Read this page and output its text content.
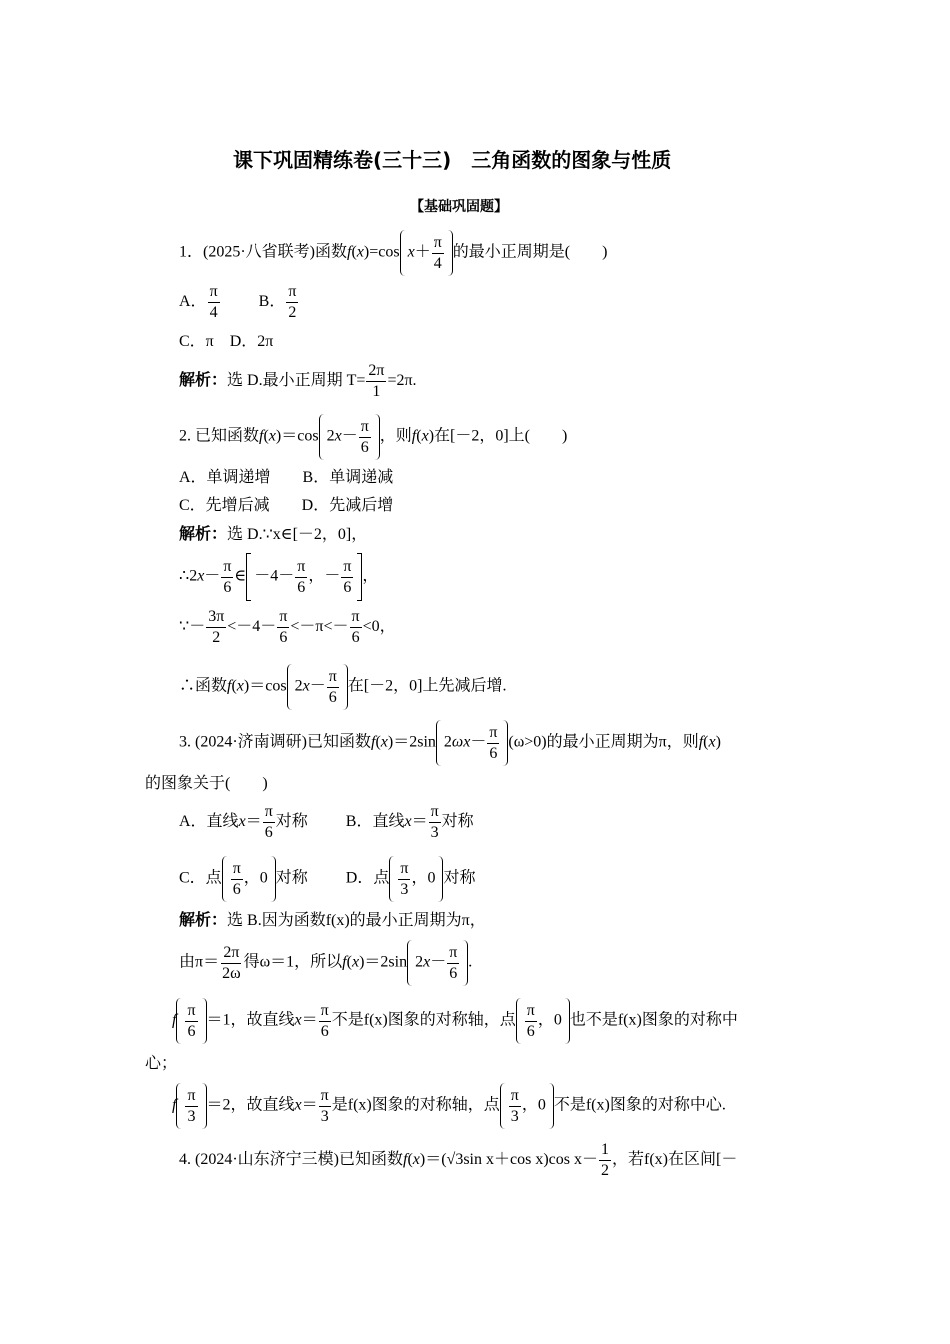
课下巩固精练卷(三十三)　三角函数的图象与性质
【基础巩固题】
1．(2025·八省联考)函数f(x)=cos $x+ \frac{\pi}{4}$ 的最小正周期是(　　)
A． $\frac{\pi}{4}$ B． $\frac{\pi}{2}$
C．π　D．2π
解析：选 D.最小正周期 $T= \frac{2\pi}{1} =2\pi$.
2. 已知函数f(x)＝cos $2x- \frac{\pi}{6}$ ，则f(x)在[－2，0]上(　　)
A．单调递增　　B．单调递减
C．先增后减　　D．先减后增
解析：选 D.∵x∈[－2，0]，
∴2x－ $\frac{\pi}{6}$ ∈ $-4- \frac{\pi}{6}$ ，－ $\frac{\pi}{6}$ ，
∵－ $\frac{3\pi}{2} <-4- \frac{\pi}{6} <-\pi<- \frac{\pi}{6} <0$，
∴函数f(x)＝cos $2x- \frac{\pi}{6}$ 在[－2，0]上先减后增.
3. (2024·济南调研)已知函数f(x)＝2sin $2\omega x- \frac{\pi}{6} (\omega>0)$的最小正周期为π，则f(x)
的图象关于(　　)
A．直线$x= \frac{\pi}{6}$ 对称 B．直线$x= \frac{\pi}{3}$ 对称
C．点 $\frac{\pi}{6}$ ，0 对称 D．点 $\frac{\pi}{3}$ ，0 对称
解析：选 B.因为函数f(x)的最小正周期为π，
由$\pi= \frac{2\pi}{2\omega}$ 得ω＝1，所以f(x)＝2sin $2x- \frac{\pi}{6}$ .
f $\frac{\pi}{6} =1$，故直线$x= \frac{\pi}{6}$ 不是f(x)图象的对称轴，点 $\frac{\pi}{6}$ ，0 也不是f(x)图象的对称中
心；
f $\frac{\pi}{3} =2$，故直线$x= \frac{\pi}{3}$ 是f(x)图象的对称轴，点 $\frac{\pi}{3}$ ，0 不是f(x)图象的对称中心.
4. (2024·山东济宁三模)已知函数f(x)＝(√3sin x＋cos x)cos $x- \frac{1}{2}$ ，若f(x)在区间[－
